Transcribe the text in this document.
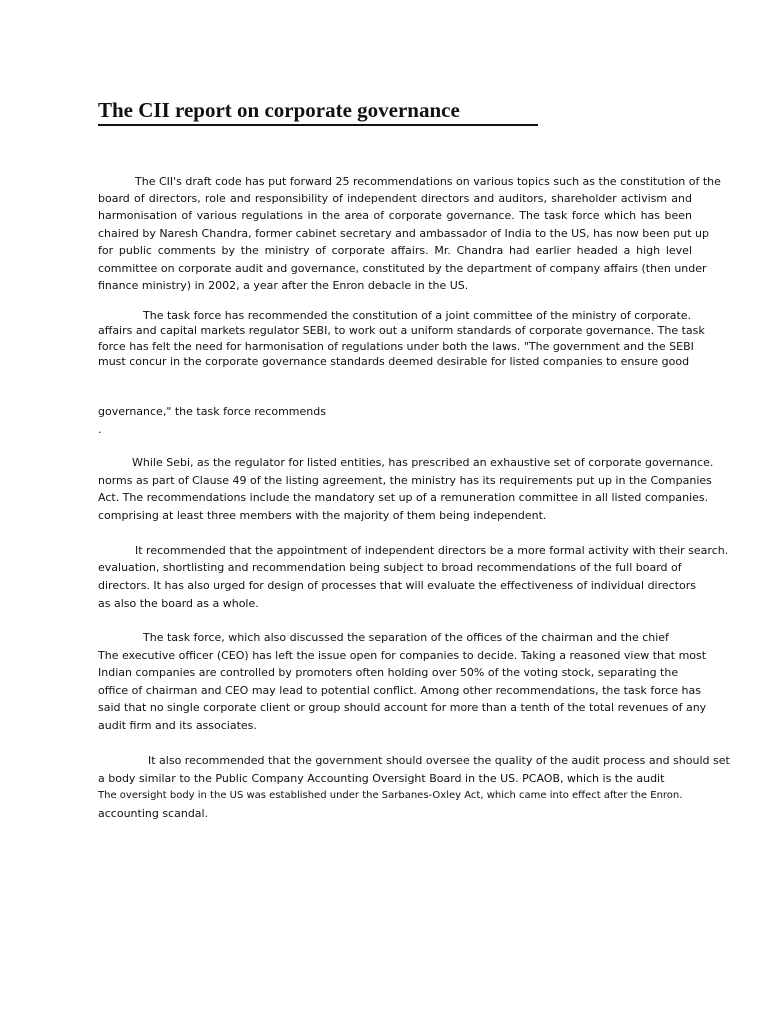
The CII report on corporate governance
The CII's draft code has put forward 25 recommendations on various topics such as the constitution of the
board of directors, role and responsibility of independent directors and auditors, shareholder activism and
harmonisation of various regulations in the area of corporate governance. The task force which has been
chaired by Naresh Chandra, former cabinet secretary and ambassador of India to the US, has now been put up
for public comments by the ministry of corporate affairs. Mr. Chandra had earlier headed a high level
committee on corporate audit and governance, constituted by the department of company affairs (then under
finance ministry) in 2002, a year after the Enron debacle in the US.
The task force has recommended the constitution of a joint committee of the ministry of corporate.
affairs and capital markets regulator SEBI, to work out a uniform standards of corporate governance. The task
force has felt the need for harmonisation of regulations under both the laws. "The government and the SEBI
must concur in the corporate governance standards deemed desirable for listed companies to ensure good
governance," the task force recommends
.
While Sebi, as the regulator for listed entities, has prescribed an exhaustive set of corporate governance.
norms as part of Clause 49 of the listing agreement, the ministry has its requirements put up in the Companies
Act. The recommendations include the mandatory set up of a remuneration committee in all listed companies.
comprising at least three members with the majority of them being independent.
It recommended that the appointment of independent directors be a more formal activity with their search.
evaluation, shortlisting and recommendation being subject to broad recommendations of the full board of
directors. It has also urged for design of processes that will evaluate the effectiveness of individual directors
as also the board as a whole.
The task force, which also discussed the separation of the offices of the chairman and the chief
The executive officer (CEO) has left the issue open for companies to decide. Taking a reasoned view that most
Indian companies are controlled by promoters often holding over 50% of the voting stock, separating the
office of chairman and CEO may lead to potential conflict. Among other recommendations, the task force has
said that no single corporate client or group should account for more than a tenth of the total revenues of any
audit firm and its associates.
It also recommended that the government should oversee the quality of the audit process and should set
a body similar to the Public Company Accounting Oversight Board in the US. PCAOB, which is the audit
The oversight body in the US was established under the Sarbanes-Oxley Act, which came into effect after the Enron.
accounting scandal.
